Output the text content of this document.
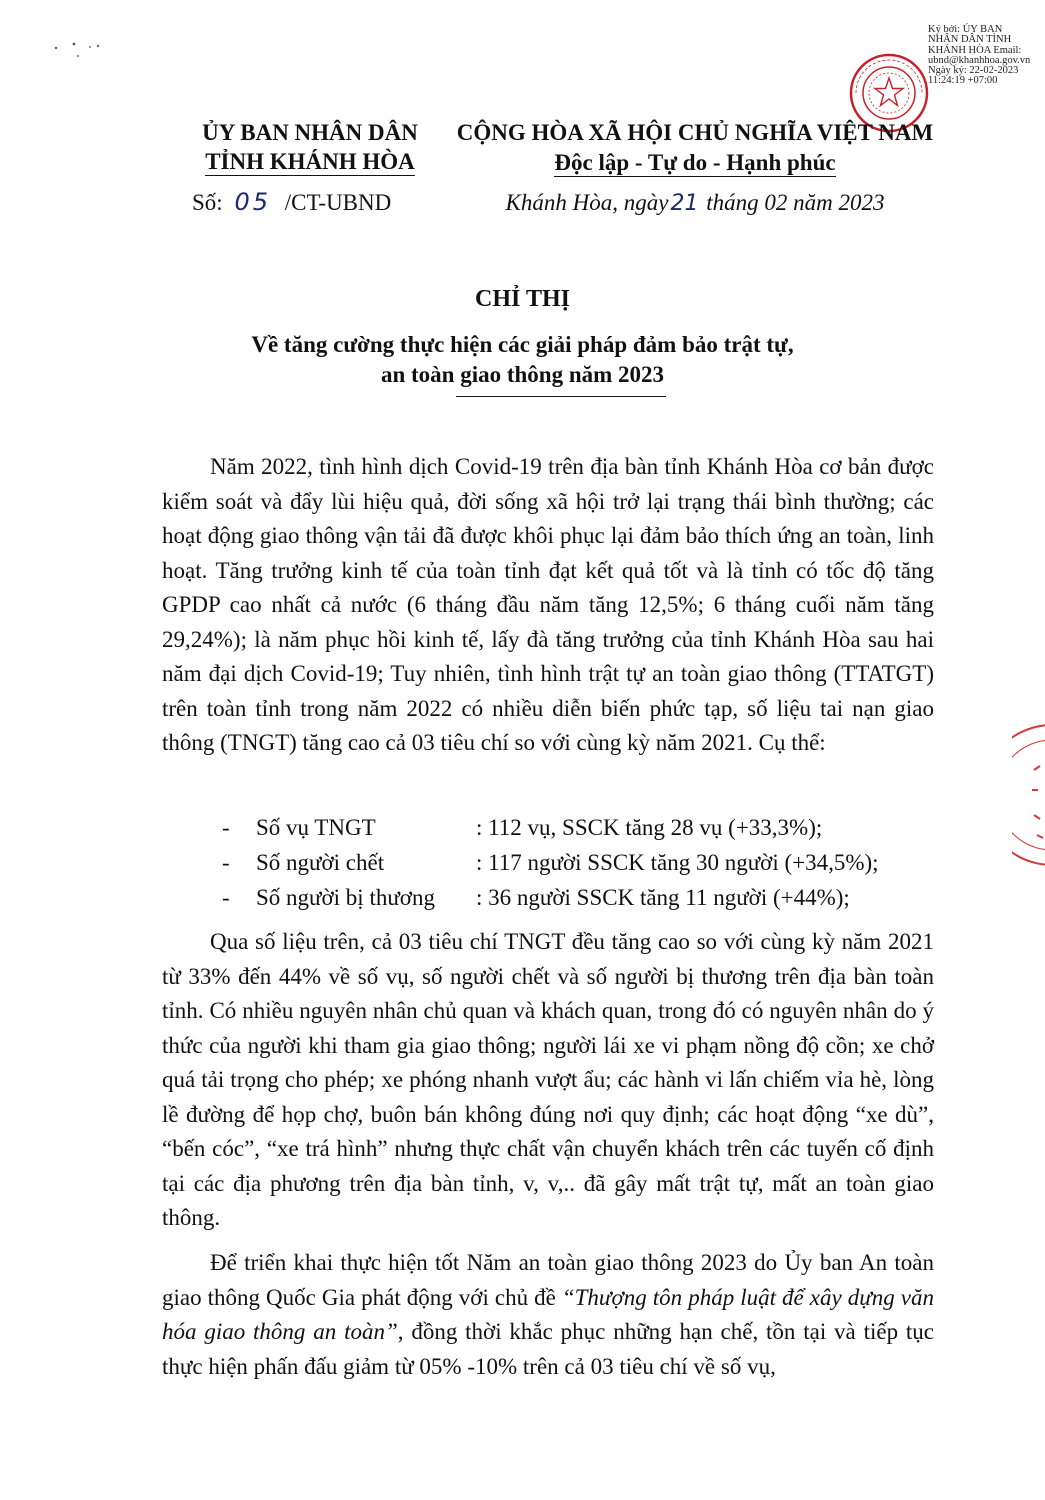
Ký bởi: ỦY BAN NHÂN DÂN TỈNH KHÁNH HÒA Email: ubnd@khanhhoa.gov.vn Ngày ký: 22-02-2023 11:24:19 +07:00
ỦY BAN NHÂN DÂN
TỈNH KHÁNH HÒA
Số: 05 /CT-UBND
CỘNG HÒA XÃ HỘI CHỦ NGHĨA VIỆT NAM
Độc lập - Tự do - Hạnh phúc
Khánh Hòa, ngày21 tháng 02 năm 2023
CHỈ THỊ
Về tăng cường thực hiện các giải pháp đảm bảo trật tự,
an toàn giao thông năm 2023

Năm 2022, tình hình dịch Covid-19 trên địa bàn tỉnh Khánh Hòa cơ bản được kiểm soát và đẩy lùi hiệu quả, đời sống xã hội trở lại trạng thái bình thường; các hoạt động giao thông vận tải đã được khôi phục lại đảm bảo thích ứng an toàn, linh hoạt. Tăng trưởng kinh tế của toàn tỉnh đạt kết quả tốt và là tỉnh có tốc độ tăng GPDP cao nhất cả nước (6 tháng đầu năm tăng 12,5%; 6 tháng cuối năm tăng 29,24%); là năm phục hồi kinh tế, lấy đà tăng trưởng của tỉnh Khánh Hòa sau hai năm đại dịch Covid-19; Tuy nhiên, tình hình trật tự an toàn giao thông (TTATGT) trên toàn tỉnh trong năm 2022 có nhiều diễn biến phức tạp, số liệu tai nạn giao thông (TNGT) tăng cao cả 03 tiêu chí so với cùng kỳ năm 2021. Cụ thể:

-	Số vụ TNGT	: 112 vụ, SSCK tăng 28 vụ (+33,3%);
-	Số người chết	: 117 người SSCK tăng 30 người (+34,5%);
-	Số người bị thương	: 36 người SSCK tăng 11 người (+44%);

Qua số liệu trên, cả 03 tiêu chí TNGT đều tăng cao so với cùng kỳ năm 2021 từ 33% đến 44% về số vụ, số người chết và số người bị thương trên địa bàn toàn tỉnh. Có nhiều nguyên nhân chủ quan và khách quan, trong đó có nguyên nhân do ý thức của người khi tham gia giao thông; người lái xe vi phạm nồng độ cồn; xe chở quá tải trọng cho phép; xe phóng nhanh vượt ẩu; các hành vi lấn chiếm vỉa hè, lòng lề đường để họp chợ, buôn bán không đúng nơi quy định; các hoạt động “xe dù”, “bến cóc”, “xe trá hình” nhưng thực chất vận chuyển khách trên các tuyến cố định tại các địa phương trên địa bàn tỉnh, v, v,.. đã gây mất trật tự, mất an toàn giao thông.

Để triển khai thực hiện tốt Năm an toàn giao thông 2023 do Ủy ban An toàn giao thông Quốc Gia phát động với chủ đề “Thượng tôn pháp luật để xây dựng văn hóa giao thông an toàn”, đồng thời khắc phục những hạn chế, tồn tại và tiếp tục thực hiện phấn đấu giảm từ 05% -10% trên cả 03 tiêu chí về số vụ,
